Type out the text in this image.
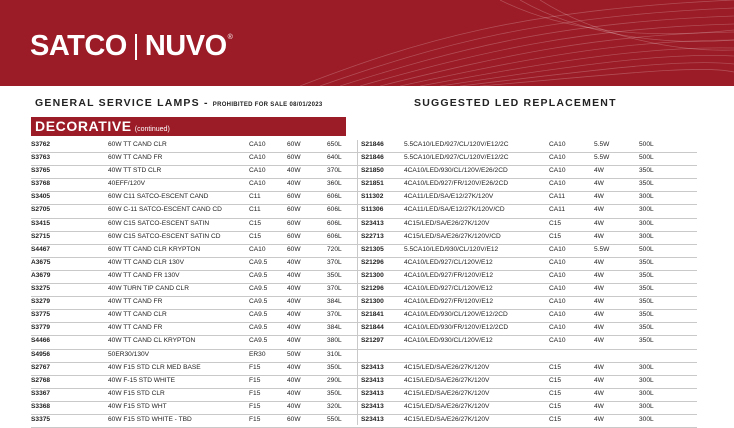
SATCO NUVO ®
GENERAL SERVICE LAMPS - PROHIBITED FOR SALE 08/01/2023	SUGGESTED LED REPLACEMENT
DECORATIVE (continued)
S3762	60W TT CAND CLR	CA10	60W	650L	S21846	5.5CA10/LED/927/CL/120V/E12/2C	CA10	5.5W	500L
S3763	60W TT CAND FR	CA10	60W	640L	S21846	5.5CA10/LED/927/CL/120V/E12/2C	CA10	5.5W	500L
S3765	40W TT STD CLR	CA10	40W	370L	S21850	4CA10/LED/930/CL/120V/E26/2CD	CA10	4W	350L
S3768	40EFF/120V	CA10	40W	360L	S21851	4CA10/LED/927/FR/120V/E26/2CD	CA10	4W	350L
S3405	60W C11 SATCO-ESCENT CAND	C11	60W	606L	S11302	4CA11/LED/SA/E12/27K/120V	CA11	4W	300L
S2705	60W C-11 SATCO-ESCENT CAND CD	C11	60W	606L	S11306	4CA11/LED/SA/E12/27K/120V/CD	CA11	4W	300L
S3415	60W C15 SATCO-ESCENT SATIN	C15	60W	606L	S23413	4C15/LED/SA/E26/27K/120V	C15	4W	300L
S2715	60W C15 SATCO-ESCENT SATIN CD	C15	60W	606L	S22713	4C15/LED/SA/E26/27K/120V/CD	C15	4W	300L
S4467	60W TT CAND CLR KRYPTON	CA10	60W	720L	S21305	5.5CA10/LED/930/CL/120V/E12	CA10	5.5W	500L
A3675	40W TT CAND CLR 130V	CA9.5	40W	370L	S21296	4CA10/LED/927/CL/120V/E12	CA10	4W	350L
A3679	40W TT CAND FR 130V	CA9.5	40W	350L	S21300	4CA10/LED/927/FR/120V/E12	CA10	4W	350L
S3275	40W TURN TIP CAND CLR	CA9.5	40W	370L	S21296	4CA10/LED/927/CL/120V/E12	CA10	4W	350L
S3279	40W TT CAND FR	CA9.5	40W	384L	S21300	4CA10/LED/927/FR/120V/E12	CA10	4W	350L
S3775	40W TT CAND CLR	CA9.5	40W	370L	S21841	4CA10/LED/930/CL/120V/E12/2CD	CA10	4W	350L
S3779	40W TT CAND FR	CA9.5	40W	384L	S21844	4CA10/LED/930/FR/120V/E12/2CD	CA10	4W	350L
S4466	40W TT CAND CL KRYPTON	CA9.5	40W	380L	S21297	4CA10/LED/930/CL/120V/E12	CA10	4W	350L
S4956	50ER30/130V	ER30	50W	310L
S2767	40W F15 STD CLR MED BASE	F15	40W	350L	S23413	4C15/LED/SA/E26/27K/120V	C15	4W	300L
S2768	40W F-15 STD WHITE	F15	40W	290L	S23413	4C15/LED/SA/E26/27K/120V	C15	4W	300L
S3367	40W F15 STD CLR	F15	40W	350L	S23413	4C15/LED/SA/E26/27K/120V	C15	4W	300L
S3368	40W F15 STD WHT	F15	40W	320L	S23413	4C15/LED/SA/E26/27K/120V	C15	4W	300L
S3375	60W F15 STD WHITE - TBD	F15	60W	550L	S23413	4C15/LED/SA/E26/27K/120V	C15	4W	300L
